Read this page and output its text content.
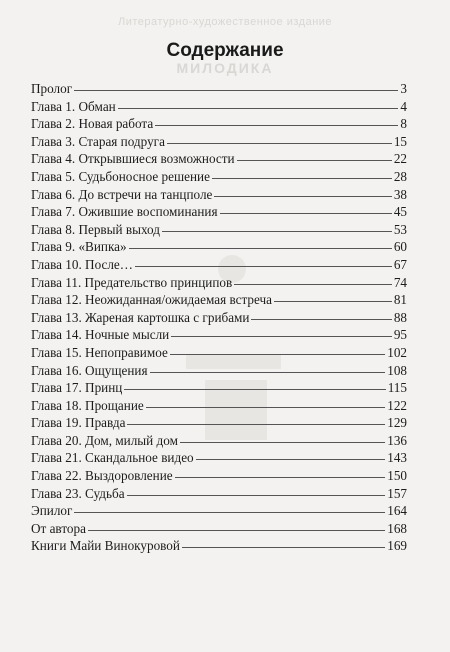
Литературно-художественное издание
МИЛОДИКА
Содержание
Пролог	3
Глава 1. Обман	4
Глава 2. Новая работа	8
Глава 3. Старая подруга	15
Глава 4. Открывшиеся возможности	22
Глава 5. Судьбоносное решение	28
Глава 6. До встречи на танцполе	38
Глава 7. Ожившие воспоминания	45
Глава 8. Первый выход	53
Глава 9. «Випка»	60
Глава 10. После…	67
Глава 11. Предательство принципов	74
Глава 12. Неожиданная/ожидаемая встреча	81
Глава 13. Жареная картошка с грибами	88
Глава 14. Ночные мысли	95
Глава 15. Непоправимое	102
Глава 16. Ощущения	108
Глава 17. Принц	115
Глава 18. Прощание	122
Глава 19. Правда	129
Глава 20. Дом, милый дом	136
Глава 21. Скандальное видео	143
Глава 22. Выздоровление	150
Глава 23. Судьба	157
Эпилог	164
От автора	168
Книги Майи Винокуровой	169
